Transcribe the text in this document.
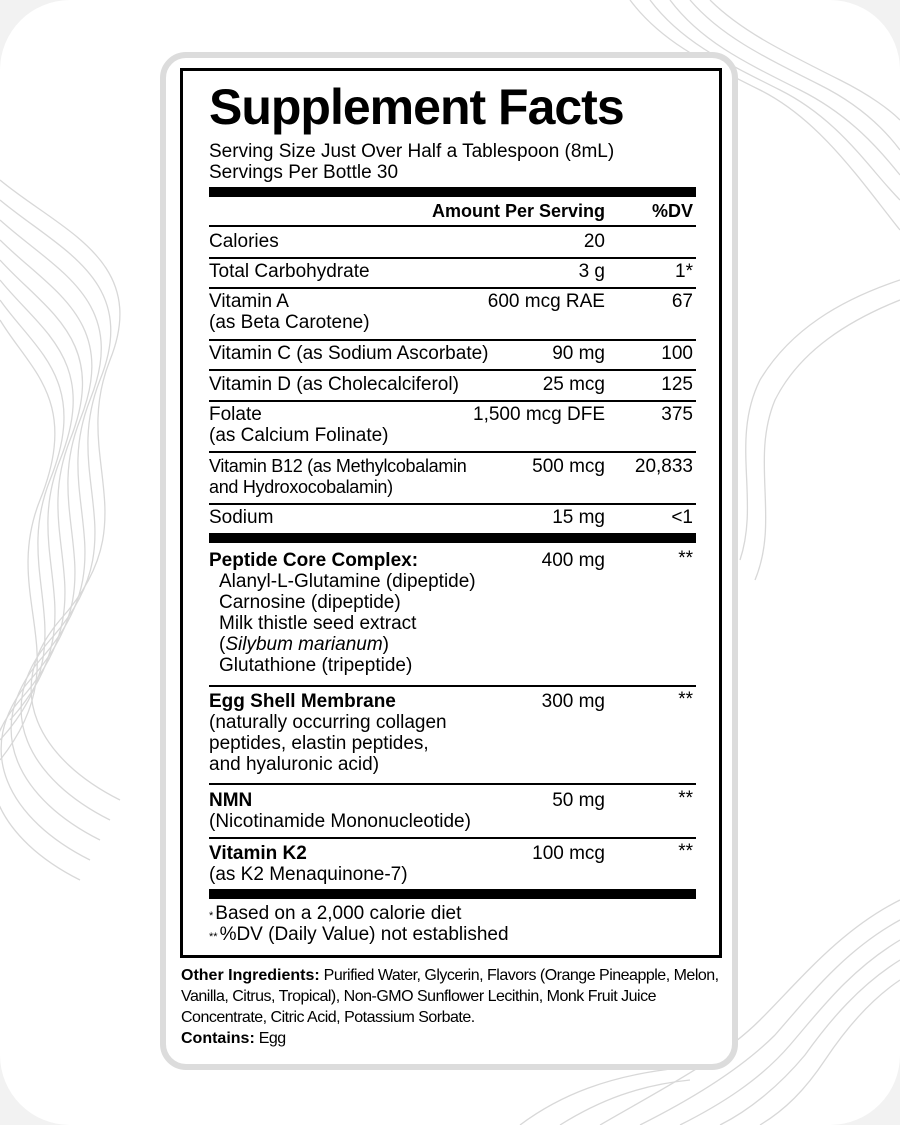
Supplement Facts
Serving Size Just Over Half a Tablespoon (8mL)
Servings Per Bottle 30
Amount Per Serving	%DV
Calories	20
Total Carbohydrate	3 g	1*
Vitamin A
(as Beta Carotene)
600 mcg RAE	67
Vitamin C (as Sodium Ascorbate)	90 mg	100
Vitamin D (as Cholecalciferol)	25 mcg	125
Folate
(as Calcium Folinate)
1,500 mcg DFE	375
Vitamin B12 (as Methylcobalamin
and Hydroxocobalamin)
500 mcg 20,833
Sodium	15 mg	<1
Peptide Core Complex:	400 mg	**
Alanyl-L-Glutamine (dipeptide)
Carnosine (dipeptide)
Milk thistle seed extract
(Silybum marianum)
Glutathione (tripeptide)
Egg Shell Membrane	300 mg	**
(naturally occurring collagen
peptides, elastin peptides,
and hyaluronic acid)
NMN	50 mg	**
(Nicotinamide Mononucleotide)
Vitamin K2	100 mcg	**
(as K2 Menaquinone-7)
* Based on a 2,000 calorie diet
** %DV (Daily Value) not established
Other Ingredients: Purified Water, Glycerin, Flavors (Orange Pineapple, Melon, Vanilla, Citrus, Tropical), Non-GMO Sunflower Lecithin, Monk Fruit Juice Concentrate, Citric Acid, Potassium Sorbate.
Contains: Egg
